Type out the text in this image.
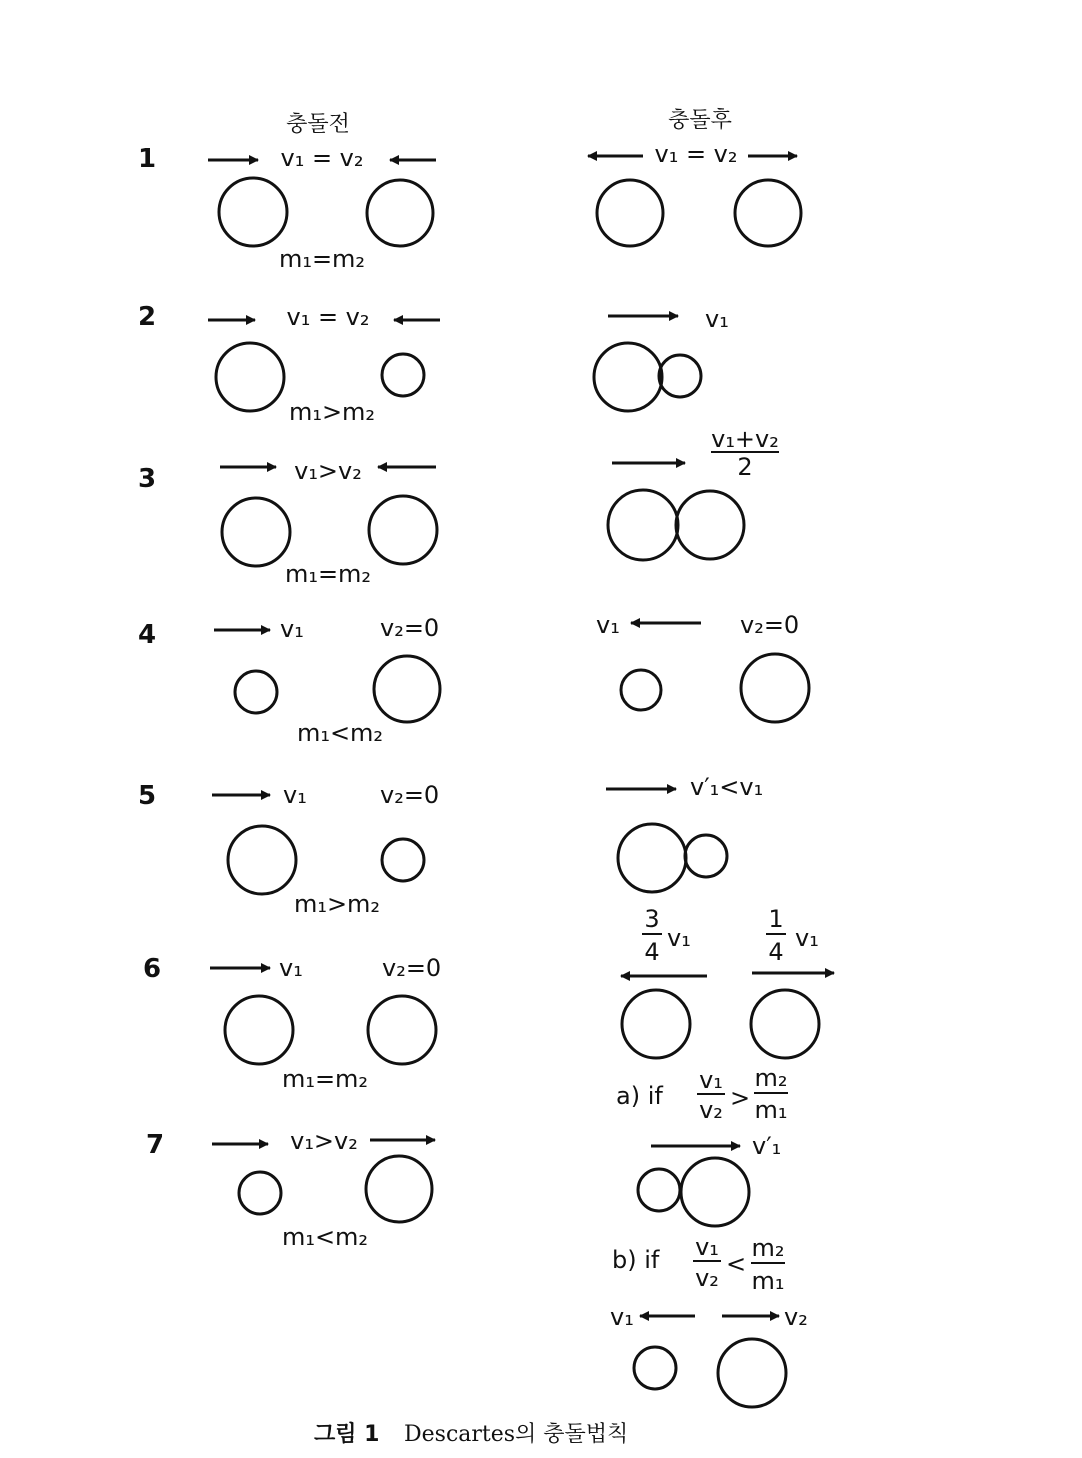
충돌전	충돌후
1	v₁ = v₂
m₁=m₂
v₁ = v₂
2	v₁ = v₂
m₁>m₂
v₁
3	v₁>v₂
m₁=m₂
v₁+v₂
2
4	v₁	v₂=0
m₁<m₂
v₁	v₂=0
5	v₁	v₂=0
m₁>m₂
v′₁<v₁
6	v₁	v₂=0
m₁=m₂
3
4 v₁
1
4 v₁
7	v₁>v₂
m₁<m₂
a) if
v₁
v₂ >
m₂
m₁
v′₁
b) if v₁
v₂ <
m₂
m₁
v₁	v₂
그림 1 Descartes의 충돌법칙
